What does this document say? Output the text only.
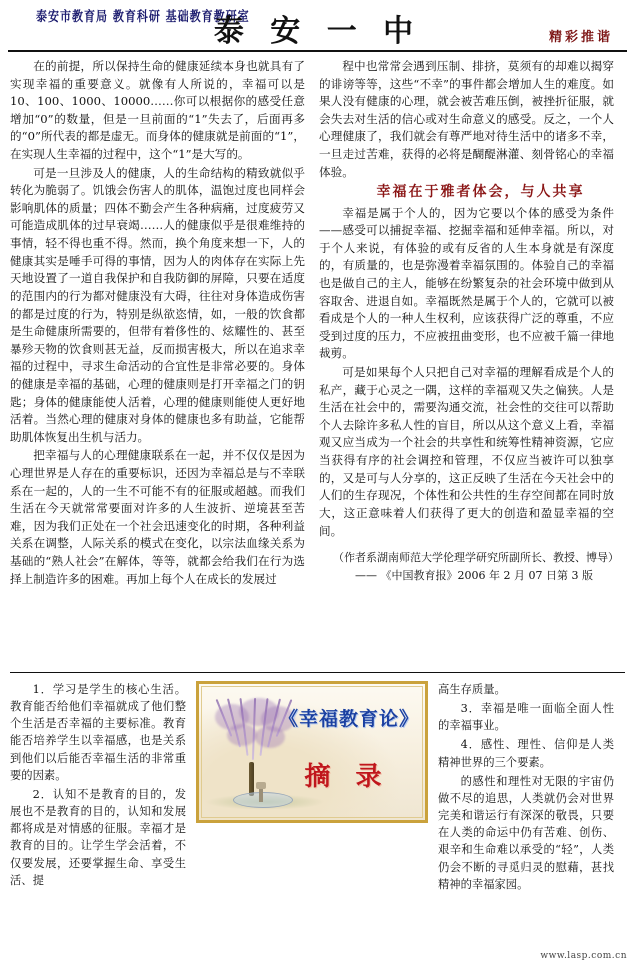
泰安市教育局 教育科研 基础教育教研室
泰 安 一 中	精彩推谐

在的前提，所以保持生命的健康延续本身也就具有了实现幸福的重要意义。就像有人所说的，幸福可以是 10、100、1000、10000……你可以根据你的感受任意增加“0”的数量，但是一旦前面的“1”失去了，后面再多的“0”所代表的都是虚无。而身体的健康就是前面的“1”，在实现人生幸福的过程中，这个“1”是大写的。

可是一旦涉及人的健康，人的生命结构的精致就似乎转化为脆弱了。饥饿会伤害人的肌体，温饱过度也同样会影响肌体的质量；四体不勤会产生各种病痛，过度疲劳又可能造成肌体的过早衰竭……人的健康似乎是很难维持的事情，轻不得也重不得。然而，换个角度来想一下，人的健康其实是唾手可得的事情，因为人的肉体存在实际上先天地设置了一道自我保护和自我防御的屏障，只要在适度的范围内的行为都对健康没有大碍，往往对身体造成伤害的都是过度的行为，特别是纵欲恣情，如，一般的饮食都是生命健康所需要的，但带有着侈性的、炫耀性的、甚至暴殄天物的饮食则甚无益，反而损害极大，所以在追求幸福的过程中，寻求生命活动的合宜性是非常必要的。身体的健康是幸福的基础，心理的健康则是打开幸福之门的钥匙；身体的健康能使人活着，心理的健康则能使人更好地活着。当然心理的健康对身体的健康也多有助益，它能帮助肌体恢复出生机与活力。

把幸福与人的心理健康联系在一起，并不仅仅是因为心理世界是人存在的重要标识，还因为幸福总是与不幸联系在一起的，人的一生不可能不有的征服或超越。而我们生活在今天就常常要面对许多的人生波折、逆境甚至苦难，因为我们正处在一个社会迅速变化的时期，各种利益关系在调整，人际关系的模式在变化，以宗法血缘关系为基础的“熟人社会”在解体，等等，就都会给我们在行为选择上制造许多的困难。再加上每个人在成长的发展过

程中也常常会遇到压制、排挤，莫须有的却难以揭穿的诽谤等等，这些“不幸”的事件都会增加人生的难度。如果人没有健康的心理，就会被苦难压倒，被挫折征服，就会失去对生活的信心或对生命意义的感受。反之，一个人心理健康了，我们就会有尊严地对待生活中的诸多不幸，一旦走过苦难，获得的必将是醐醍淋灌、刻骨铭心的幸福体验。

幸福在于雅者体会，与人共享

幸福是属于个人的，因为它要以个体的感受为条件——感受可以捕捉幸福、挖掘幸福和延伸幸福。所以，对于个人来说，有体验的或有反省的人生本身就是有深度的，有质量的，也是弥漫着幸福氛围的。体验自己的幸福也是做自己的主人，能够在纷繁复杂的社会环境中做到从容取舍、进退自如。幸福既然是属于个人的，它就可以被看成是个人的一种人生权利，应该获得广泛的尊重，不应受到过度的压力，不应被扭曲变形，也不应被千篇一律地裁剪。

可是如果每个人只把自己对幸福的理解看成是个人的私产，藏于心灵之一隅，这样的幸福观又失之偏狭。人是生活在社会中的，需要沟通交流，社会性的交往可以帮助个人去除许多私人性的盲目，所以从这个意义上看，幸福观又应当成为一个社会的共享性和统筹性精神资源，它应当获得有序的社会调控和管理，不仅应当被许可以独享的，又是可与人分享的，这正反映了生活在今天社会中的人们的生存现况，个体性和公共性的生存空间都在同时放大，这正意味着人们获得了更大的创造和盈显幸福的空间。

（作者系湖南师范大学伦理学研究所副所长、教授、博导）
—— 《中国教育报》2006 年 2 月 07 日第 3 版

1．学习是学生的核心生活。教育能否给他们幸福就成了他们整个生活是否幸福的主要标准。教育能否培养学生以幸福感，也是关系到他们以后能否幸福生活的非常重要的因素。

2．认知不是教育的目的，发展也不是教育的目的，认知和发展都将成是对情感的征服。幸福才是教育的目的。让学生学会活着，不仅要发展，还要掌握生命、享受生活、提

《幸福教育论》
摘 录

高生存质量。

3．幸福是唯一面临全面人性的幸福事业。

4．感性、理性、信仰是人类精神世界的三个要素。

的感性和理性对无限的宇宙仍做不尽的追思，人类就仍会对世界完美和谐运行有深深的敬畏，只要在人类的命运中仍有苦难、创伤、艰辛和生命难以承受的“轻”，人类仍会不断的寻觅归灵的慰藉，甚找精神的幸福家园。

www.lasp.com.cn
